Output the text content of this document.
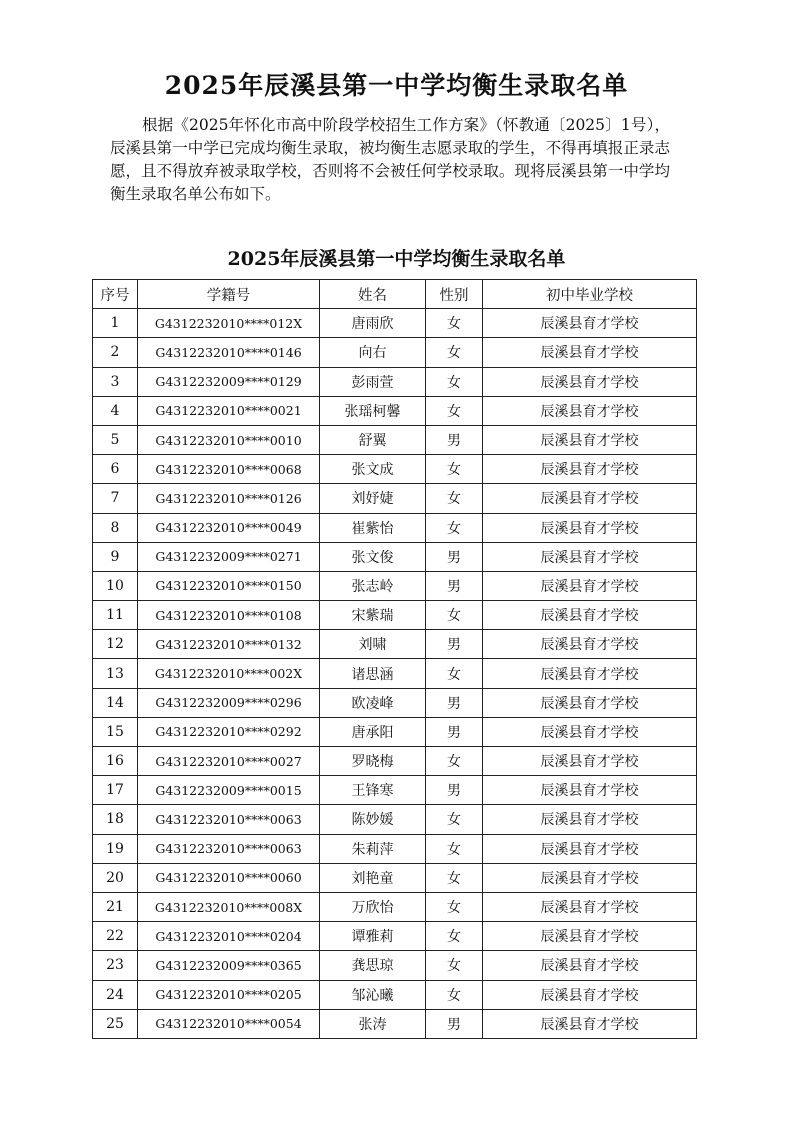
2025年辰溪县第一中学均衡生录取名单

根据《2025年怀化市高中阶段学校招生工作方案》（怀教通〔2025〕1号），辰溪县第一中学已完成均衡生录取，被均衡生志愿录取的学生，不得再填报正录志愿，且不得放弃被录取学校，否则将不会被任何学校录取。现将辰溪县第一中学均衡生录取名单公布如下。

2025年辰溪县第一中学均衡生录取名单
序号	学籍号	姓名	性别	初中毕业学校
1	G4312232010****012X	唐雨欣	女	辰溪县育才学校
2	G4312232010****0146	向右	女	辰溪县育才学校
3	G4312232009****0129	彭雨萱	女	辰溪县育才学校
4	G4312232010****0021	张瑶柯馨	女	辰溪县育才学校
5	G4312232010****0010	舒翼	男	辰溪县育才学校
6	G4312232010****0068	张文成	女	辰溪县育才学校
7	G4312232010****0126	刘妤婕	女	辰溪县育才学校
8	G4312232010****0049	崔紫怡	女	辰溪县育才学校
9	G4312232009****0271	张文俊	男	辰溪县育才学校
10	G4312232010****0150	张志岭	男	辰溪县育才学校
11	G4312232010****0108	宋紫瑞	女	辰溪县育才学校
12	G4312232010****0132	刘啸	男	辰溪县育才学校
13	G4312232010****002X	诸思涵	女	辰溪县育才学校
14	G4312232009****0296	欧凌峰	男	辰溪县育才学校
15	G4312232010****0292	唐承阳	男	辰溪县育才学校
16	G4312232010****0027	罗晓梅	女	辰溪县育才学校
17	G4312232009****0015	王锋寒	男	辰溪县育才学校
18	G4312232010****0063	陈妙媛	女	辰溪县育才学校
19	G4312232010****0063	朱莉萍	女	辰溪县育才学校
20	G4312232010****0060	刘艳童	女	辰溪县育才学校
21	G4312232010****008X	万欣怡	女	辰溪县育才学校
22	G4312232010****0204	谭雅莉	女	辰溪县育才学校
23	G4312232009****0365	龚思琼	女	辰溪县育才学校
24	G4312232010****0205	邹沁曦	女	辰溪县育才学校
25	G4312232010****0054	张涛	男	辰溪县育才学校
